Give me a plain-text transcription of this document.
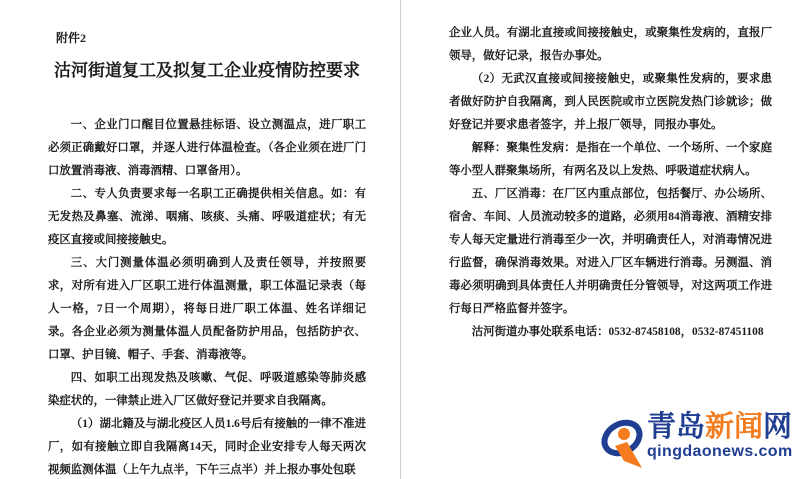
附件2
沽河街道复工及拟复工企业疫情防控要求

一、企业门口醒目位置悬挂标语、设立测温点，进厂职工必须正确戴好口罩，并逐人进行体温检查。（各企业须在进厂门口放置消毒液、消毒酒精、口罩备用）。

二、专人负责要求每一名职工正确提供相关信息。如：有无发热及鼻塞、流涕、咽痛、咳痰、头痛、呼吸道症状；有无疫区直接或间接接触史。

三、大门测量体温必须明确到人及责任领导，并按照要求，对所有进入厂区职工进行体温测量，职工体温记录表（每人一格，7日一个周期），将每日进厂职工体温、姓名详细记录。各企业必须为测量体温人员配备防护用品，包括防护衣、口罩、护目镜、帽子、手套、消毒液等。

四、如职工出现发热及咳嗽、气促、呼吸道感染等肺炎感染症状的，一律禁止进入厂区做好登记并要求自我隔离。

（1）湖北籍及与湖北疫区人员1.6号后有接触的一律不准进厂，如有接触立即自我隔离14天，同时企业安排专人每天两次视频监测体温（上午九点半，下午三点半）并上报办事处包联

企业人员。有湖北直接或间接接触史，或聚集性发病的，直报厂领导，做好记录，报告办事处。

（2）无武汉直接或间接接触史，或聚集性发病的，要求患者做好防护自我隔离，到人民医院或市立医院发热门诊就诊；做好登记并要求患者签字，并上报厂领导，同报办事处。

解释：聚集性发病：是指在一个单位、一个场所、一个家庭等小型人群聚集场所，有两名及以上发热、呼吸道症状病人。

五、厂区消毒：在厂区内重点部位，包括餐厅、办公场所、宿舍、车间、人员流动较多的道路，必须用84消毒液、酒精安排专人每天定量进行消毒至少一次，并明确责任人，对消毒情况进行监督，确保消毒效果。对进入厂区车辆进行消毒。另测温、消毒必须明确到具体责任人并明确责任分管领导，对这两项工作进行每日严格监督并签字。

沽河街道办事处联系电话：0532-87458108，0532-87451108

青岛新闻网
qingdaonews.com
